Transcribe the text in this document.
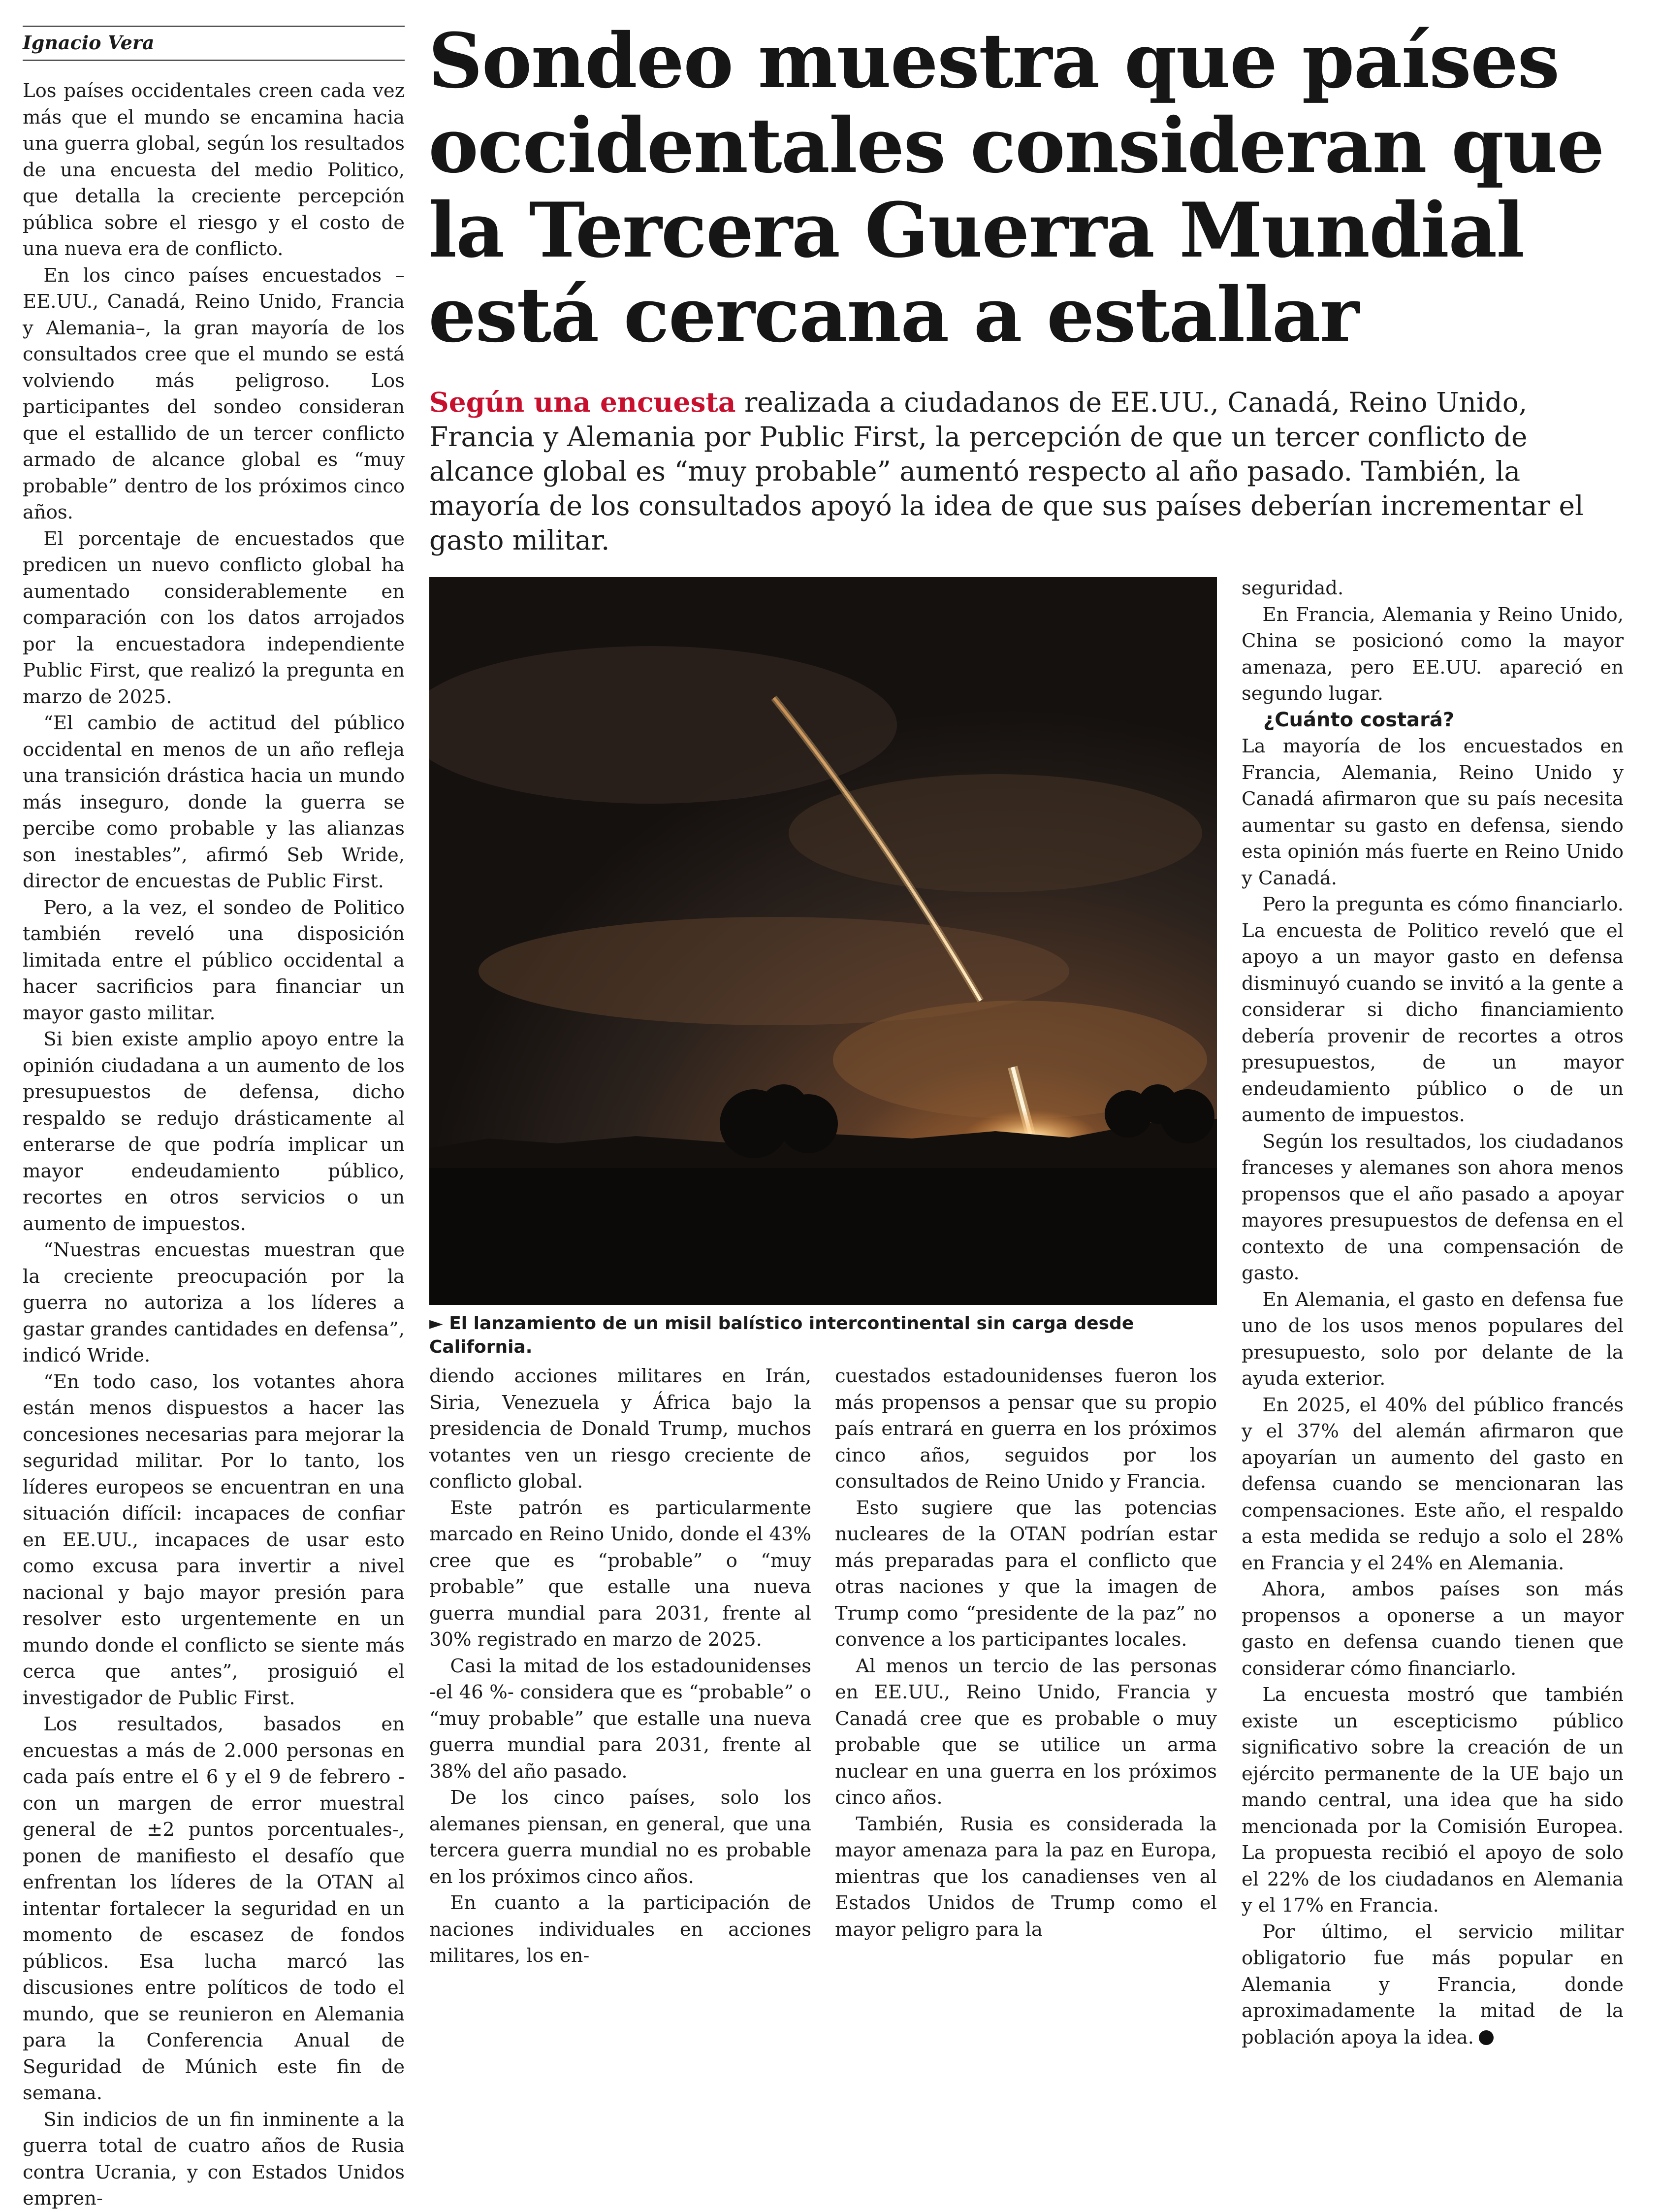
Ignacio Vera	Sondeo muestra que países occidentales consideran que la Tercera Guerra Mundial está cercana a estallar

Según una encuesta realizada a ciudadanos de EE.UU., Canadá, Reino Unido, Francia y Alemania por Public First, la percepción de que un tercer conflicto de alcance global es “muy probable” aumentó respecto al año pasado. También, la mayoría de los consultados apoyó la idea de que sus países deberían incrementar el gasto militar.

Los países occidentales creen cada vez más que el mundo se encamina hacia una guerra global, según los resultados de una encuesta del medio Politico, que detalla la creciente percepción pública sobre el riesgo y el costo de una nueva era de conflicto.

En los cinco países encuestados –EE.UU., Canadá, Reino Unido, Francia y Alemania–, la gran mayoría de los consultados cree que el mundo se está volviendo más peligroso. Los participantes del sondeo consideran que el estallido de un tercer conflicto armado de alcance global es “muy probable” dentro de los próximos cinco años.

El porcentaje de encuestados que predicen un nuevo conflicto global ha aumentado considerablemente en comparación con los datos arrojados por la encuestadora independiente Public First, que realizó la pregunta en marzo de 2025.

“El cambio de actitud del público occidental en menos de un año refleja una transición drástica hacia un mundo más inseguro, donde la guerra se percibe como probable y las alianzas son inestables”, afirmó Seb Wride, director de encuestas de Public First.

Pero, a la vez, el sondeo de Politico también reveló una disposición limitada entre el público occidental a hacer sacrificios para financiar un mayor gasto militar.

Si bien existe amplio apoyo entre la opinión ciudadana a un aumento de los presupuestos de defensa, dicho respaldo se redujo drásticamente al enterarse de que podría implicar un mayor endeudamiento público, recortes en otros servicios o un aumento de impuestos.

“Nuestras encuestas muestran que la creciente preocupación por la guerra no autoriza a los líderes a gastar grandes cantidades en defensa”, indicó Wride.

“En todo caso, los votantes ahora están menos dispuestos a hacer las concesiones necesarias para mejorar la seguridad militar. Por lo tanto, los líderes europeos se encuentran en una situación difícil: incapaces de confiar en EE.UU., incapaces de usar esto como excusa para invertir a nivel nacional y bajo mayor presión para resolver esto urgentemente en un mundo donde el conflicto se siente más cerca que antes”, prosiguió el investigador de Public First.

Los resultados, basados en encuestas a más de 2.000 personas en cada país entre el 6 y el 9 de febrero -con un margen de error muestral general de ±2 puntos porcentuales-, ponen de manifiesto el desafío que enfrentan los líderes de la OTAN al intentar fortalecer la seguridad en un momento de escasez de fondos públicos. Esa lucha marcó las discusiones entre políticos de todo el mundo, que se reunieron en Alemania para la Conferencia Anual de Seguridad de Múnich este fin de semana.

Sin indicios de un fin inminente a la guerra total de cuatro años de Rusia contra Ucrania, y con Estados Unidos empren-

► El lanzamiento de un misil balístico intercontinental sin carga desde California.

diendo acciones militares en Irán, Siria, Venezuela y África bajo la presidencia de Donald Trump, muchos votantes ven un riesgo creciente de conflicto global.

Este patrón es particularmente marcado en Reino Unido, donde el 43% cree que es “probable” o “muy probable” que estalle una nueva guerra mundial para 2031, frente al 30% registrado en marzo de 2025.

Casi la mitad de los estadounidenses -el 46 %- considera que es “probable” o “muy probable” que estalle una nueva guerra mundial para 2031, frente al 38% del año pasado.

De los cinco países, solo los alemanes piensan, en general, que una tercera guerra mundial no es probable en los próximos cinco años.

En cuanto a la participación de naciones individuales en acciones militares, los en-

cuestados estadounidenses fueron los más propensos a pensar que su propio país entrará en guerra en los próximos cinco años, seguidos por los consultados de Reino Unido y Francia.

Esto sugiere que las potencias nucleares de la OTAN podrían estar más preparadas para el conflicto que otras naciones y que la imagen de Trump como “presidente de la paz” no convence a los participantes locales.

Al menos un tercio de las personas en EE.UU., Reino Unido, Francia y Canadá cree que es probable o muy probable que se utilice un arma nuclear en una guerra en los próximos cinco años.

También, Rusia es considerada la mayor amenaza para la paz en Europa, mientras que los canadienses ven al Estados Unidos de Trump como el mayor peligro para la

seguridad.

En Francia, Alemania y Reino Unido, China se posicionó como la mayor amenaza, pero EE.UU. apareció en segundo lugar.

¿Cuánto costará?

La mayoría de los encuestados en Francia, Alemania, Reino Unido y Canadá afirmaron que su país necesita aumentar su gasto en defensa, siendo esta opinión más fuerte en Reino Unido y Canadá.

Pero la pregunta es cómo financiarlo. La encuesta de Politico reveló que el apoyo a un mayor gasto en defensa disminuyó cuando se invitó a la gente a considerar si dicho financiamiento debería provenir de recortes a otros presupuestos, de un mayor endeudamiento público o de un aumento de impuestos.

Según los resultados, los ciudadanos franceses y alemanes son ahora menos propensos que el año pasado a apoyar mayores presupuestos de defensa en el contexto de una compensación de gasto.

En Alemania, el gasto en defensa fue uno de los usos menos populares del presupuesto, solo por delante de la ayuda exterior.

En 2025, el 40% del público francés y el 37% del alemán afirmaron que apoyarían un aumento del gasto en defensa cuando se mencionaran las compensaciones. Este año, el respaldo a esta medida se redujo a solo el 28% en Francia y el 24% en Alemania.

Ahora, ambos países son más propensos a oponerse a un mayor gasto en defensa cuando tienen que considerar cómo financiarlo.

La encuesta mostró que también existe un escepticismo público significativo sobre la creación de un ejército permanente de la UE bajo un mando central, una idea que ha sido mencionada por la Comisión Europea. La propuesta recibió el apoyo de solo el 22% de los ciudadanos en Alemania y el 17% en Francia.

Por último, el servicio militar obligatorio fue más popular en Alemania y Francia, donde aproximadamente la mitad de la población apoya la idea.
